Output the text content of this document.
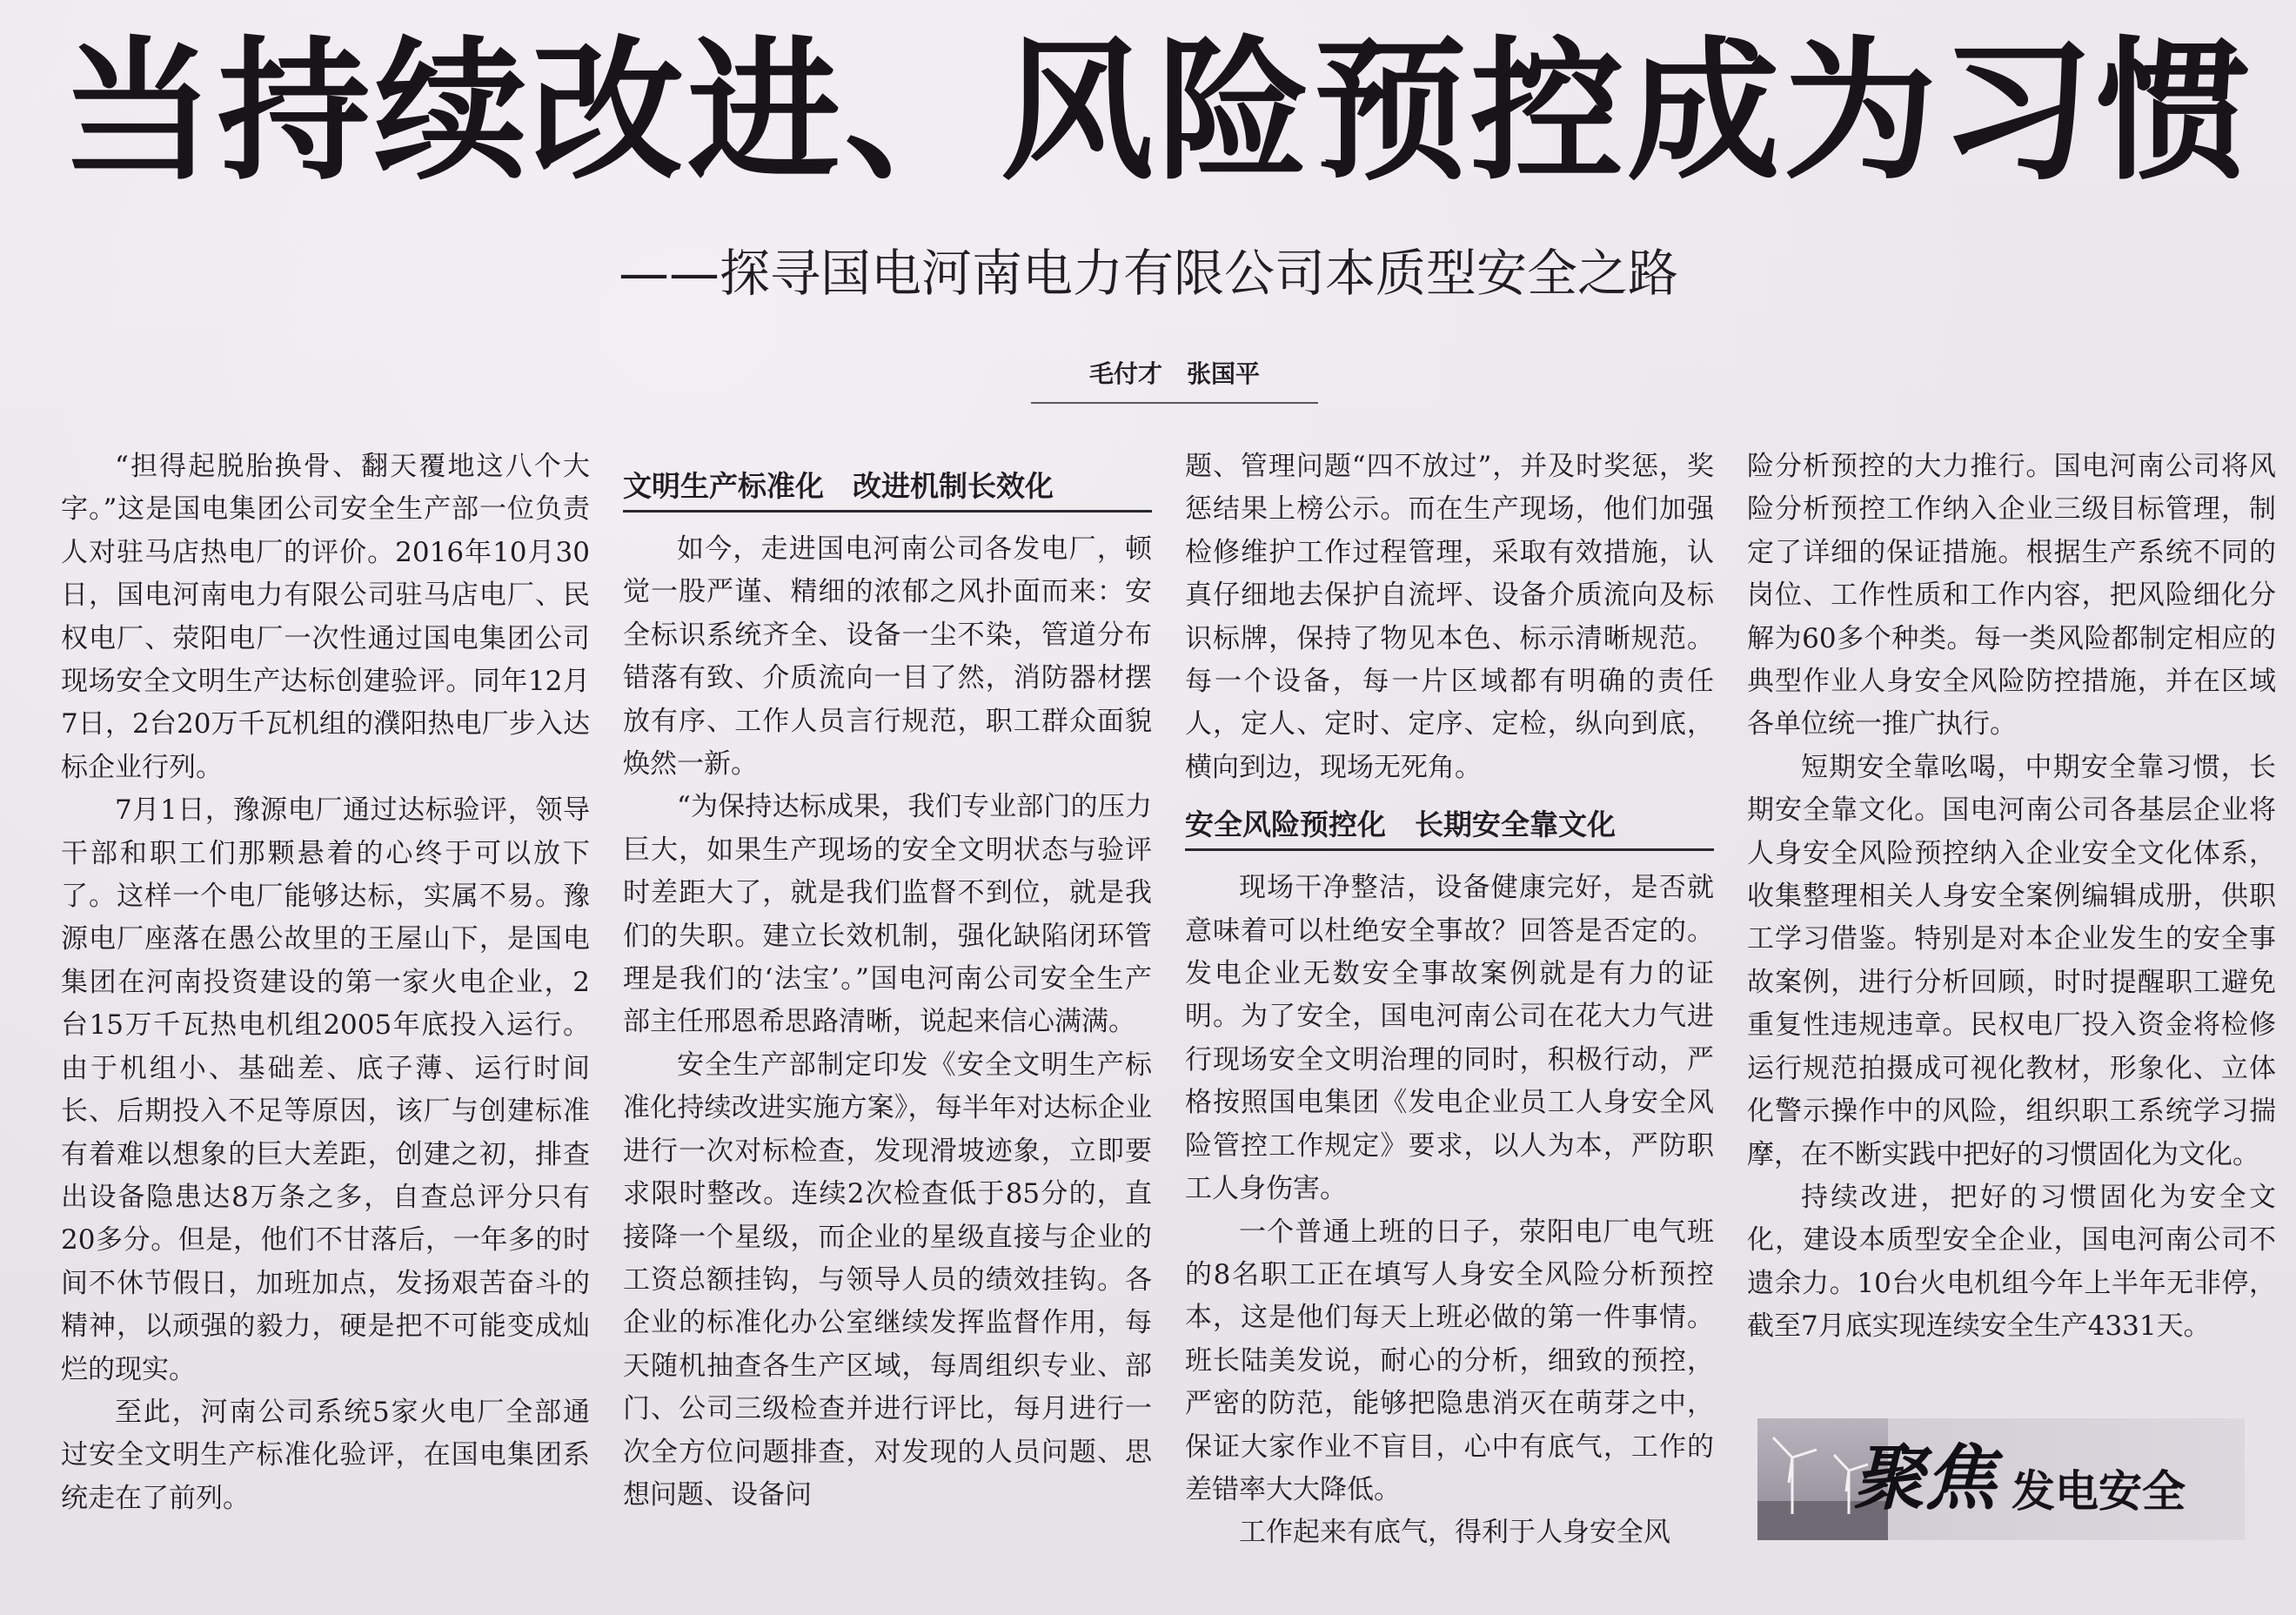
当持续改进、风险预控成为习惯
——探寻国电河南电力有限公司本质型安全之路
毛付才　张国平

“担得起脱胎换骨、翻天覆地这八个大字。”这是国电集团公司安全生产部一位负责人对驻马店热电厂的评价。2016年10月30日，国电河南电力有限公司驻马店电厂、民权电厂、荥阳电厂一次性通过国电集团公司现场安全文明生产达标创建验评。同年12月7日，2台20万千瓦机组的濮阳热电厂步入达标企业行列。

7月1日，豫源电厂通过达标验评，领导干部和职工们那颗悬着的心终于可以放下了。这样一个电厂能够达标，实属不易。豫源电厂座落在愚公故里的王屋山下，是国电集团在河南投资建设的第一家火电企业，2台15万千瓦热电机组2005年底投入运行。由于机组小、基础差、底子薄、运行时间长、后期投入不足等原因，该厂与创建标准有着难以想象的巨大差距，创建之初，排查出设备隐患达8万条之多，自查总评分只有20多分。但是，他们不甘落后，一年多的时间不休节假日，加班加点，发扬艰苦奋斗的精神，以顽强的毅力，硬是把不可能变成灿烂的现实。

至此，河南公司系统5家火电厂全部通过安全文明生产标准化验评，在国电集团系统走在了前列。

文明生产标准化　改进机制长效化

如今，走进国电河南公司各发电厂，顿觉一股严谨、精细的浓郁之风扑面而来：安全标识系统齐全、设备一尘不染，管道分布错落有致、介质流向一目了然，消防器材摆放有序、工作人员言行规范，职工群众面貌焕然一新。

“为保持达标成果，我们专业部门的压力巨大，如果生产现场的安全文明状态与验评时差距大了，就是我们监督不到位，就是我们的失职。建立长效机制，强化缺陷闭环管理是我们的‘法宝’。”国电河南公司安全生产部主任邢恩希思路清晰，说起来信心满满。

安全生产部制定印发《安全文明生产标准化持续改进实施方案》，每半年对达标企业进行一次对标检查，发现滑坡迹象，立即要求限时整改。连续2次检查低于85分的，直接降一个星级，而企业的星级直接与企业的工资总额挂钩，与领导人员的绩效挂钩。各企业的标准化办公室继续发挥监督作用，每天随机抽查各生产区域，每周组织专业、部门、公司三级检查并进行评比，每月进行一次全方位问题排查，对发现的人员问题、思想问题、设备问

题、管理问题“四不放过”，并及时奖惩，奖惩结果上榜公示。而在生产现场，他们加强检修维护工作过程管理，采取有效措施，认真仔细地去保护自流坪、设备介质流向及标识标牌，保持了物见本色、标示清晰规范。每一个设备，每一片区域都有明确的责任人，定人、定时、定序、定检，纵向到底，横向到边，现场无死角。

安全风险预控化　长期安全靠文化

现场干净整洁，设备健康完好，是否就意味着可以杜绝安全事故？回答是否定的。发电企业无数安全事故案例就是有力的证明。为了安全，国电河南公司在花大力气进行现场安全文明治理的同时，积极行动，严格按照国电集团《发电企业员工人身安全风险管控工作规定》要求，以人为本，严防职工人身伤害。

一个普通上班的日子，荥阳电厂电气班的8名职工正在填写人身安全风险分析预控本，这是他们每天上班必做的第一件事情。班长陆美发说，耐心的分析，细致的预控，严密的防范，能够把隐患消灭在萌芽之中，保证大家作业不盲目，心中有底气，工作的差错率大大降低。

工作起来有底气，得利于人身安全风

险分析预控的大力推行。国电河南公司将风险分析预控工作纳入企业三级目标管理，制定了详细的保证措施。根据生产系统不同的岗位、工作性质和工作内容，把风险细化分解为60多个种类。每一类风险都制定相应的典型作业人身安全风险防控措施，并在区域各单位统一推广执行。

短期安全靠吆喝，中期安全靠习惯，长期安全靠文化。国电河南公司各基层企业将人身安全风险预控纳入企业安全文化体系，收集整理相关人身安全案例编辑成册，供职工学习借鉴。特别是对本企业发生的安全事故案例，进行分析回顾，时时提醒职工避免重复性违规违章。民权电厂投入资金将检修运行规范拍摄成可视化教材，形象化、立体化警示操作中的风险，组织职工系统学习揣摩，在不断实践中把好的习惯固化为文化。

持续改进，把好的习惯固化为安全文化，建设本质型安全企业，国电河南公司不遗余力。10台火电机组今年上半年无非停，截至7月底实现连续安全生产4331天。

聚焦 发电安全
